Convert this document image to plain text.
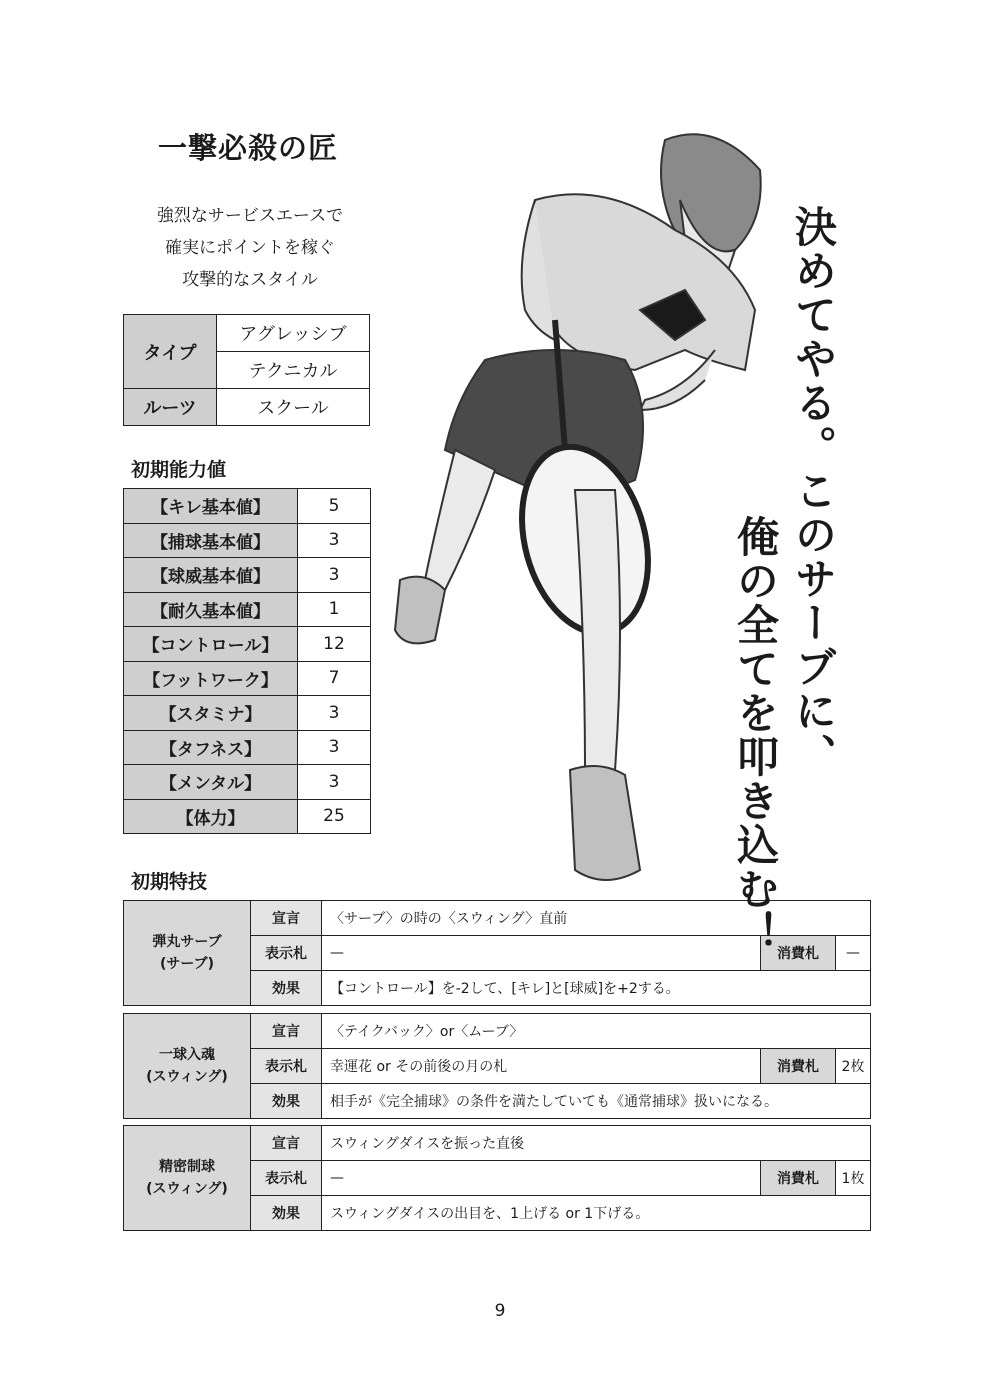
一撃必殺の匠
強烈なサービスエースで
確実にポイントを稼ぐ
攻撃的なスタイル
タイプ	アグレッシブ
	テクニカル
ルーツ	スクール
初期能力値
【キレ基本値】	5
【捕球基本値】	3
【球威基本値】	3
【耐久基本値】	1
【コントロール】	12
【フットワーク】	7
【スタミナ】	3
【タフネス】	3
【メンタル】	3
【体力】	25
初期特技
弾丸サーブ
(サーブ)	宣言	〈サーブ〉の時の〈スウィング〉直前		
	表示札	—	消費札	—
	効果	【コントロール】を-2して、[キレ]と[球威]を+2する。		
一球入魂
(スウィング)	宣言	〈テイクバック〉or〈ムーブ〉		
	表示札	幸運花 or その前後の月の札	消費札	2枚
	効果	相手が《完全捕球》の条件を満たしていても《通常捕球》扱いになる。		
精密制球
(スウィング)	宣言	スウィングダイスを振った直後		
	表示札	—	消費札	1枚
	効果	スウィングダイスの出目を、1上げる or 1下げる。		
決めてやる。このサーブに、
俺の全てを叩き込む！
9
